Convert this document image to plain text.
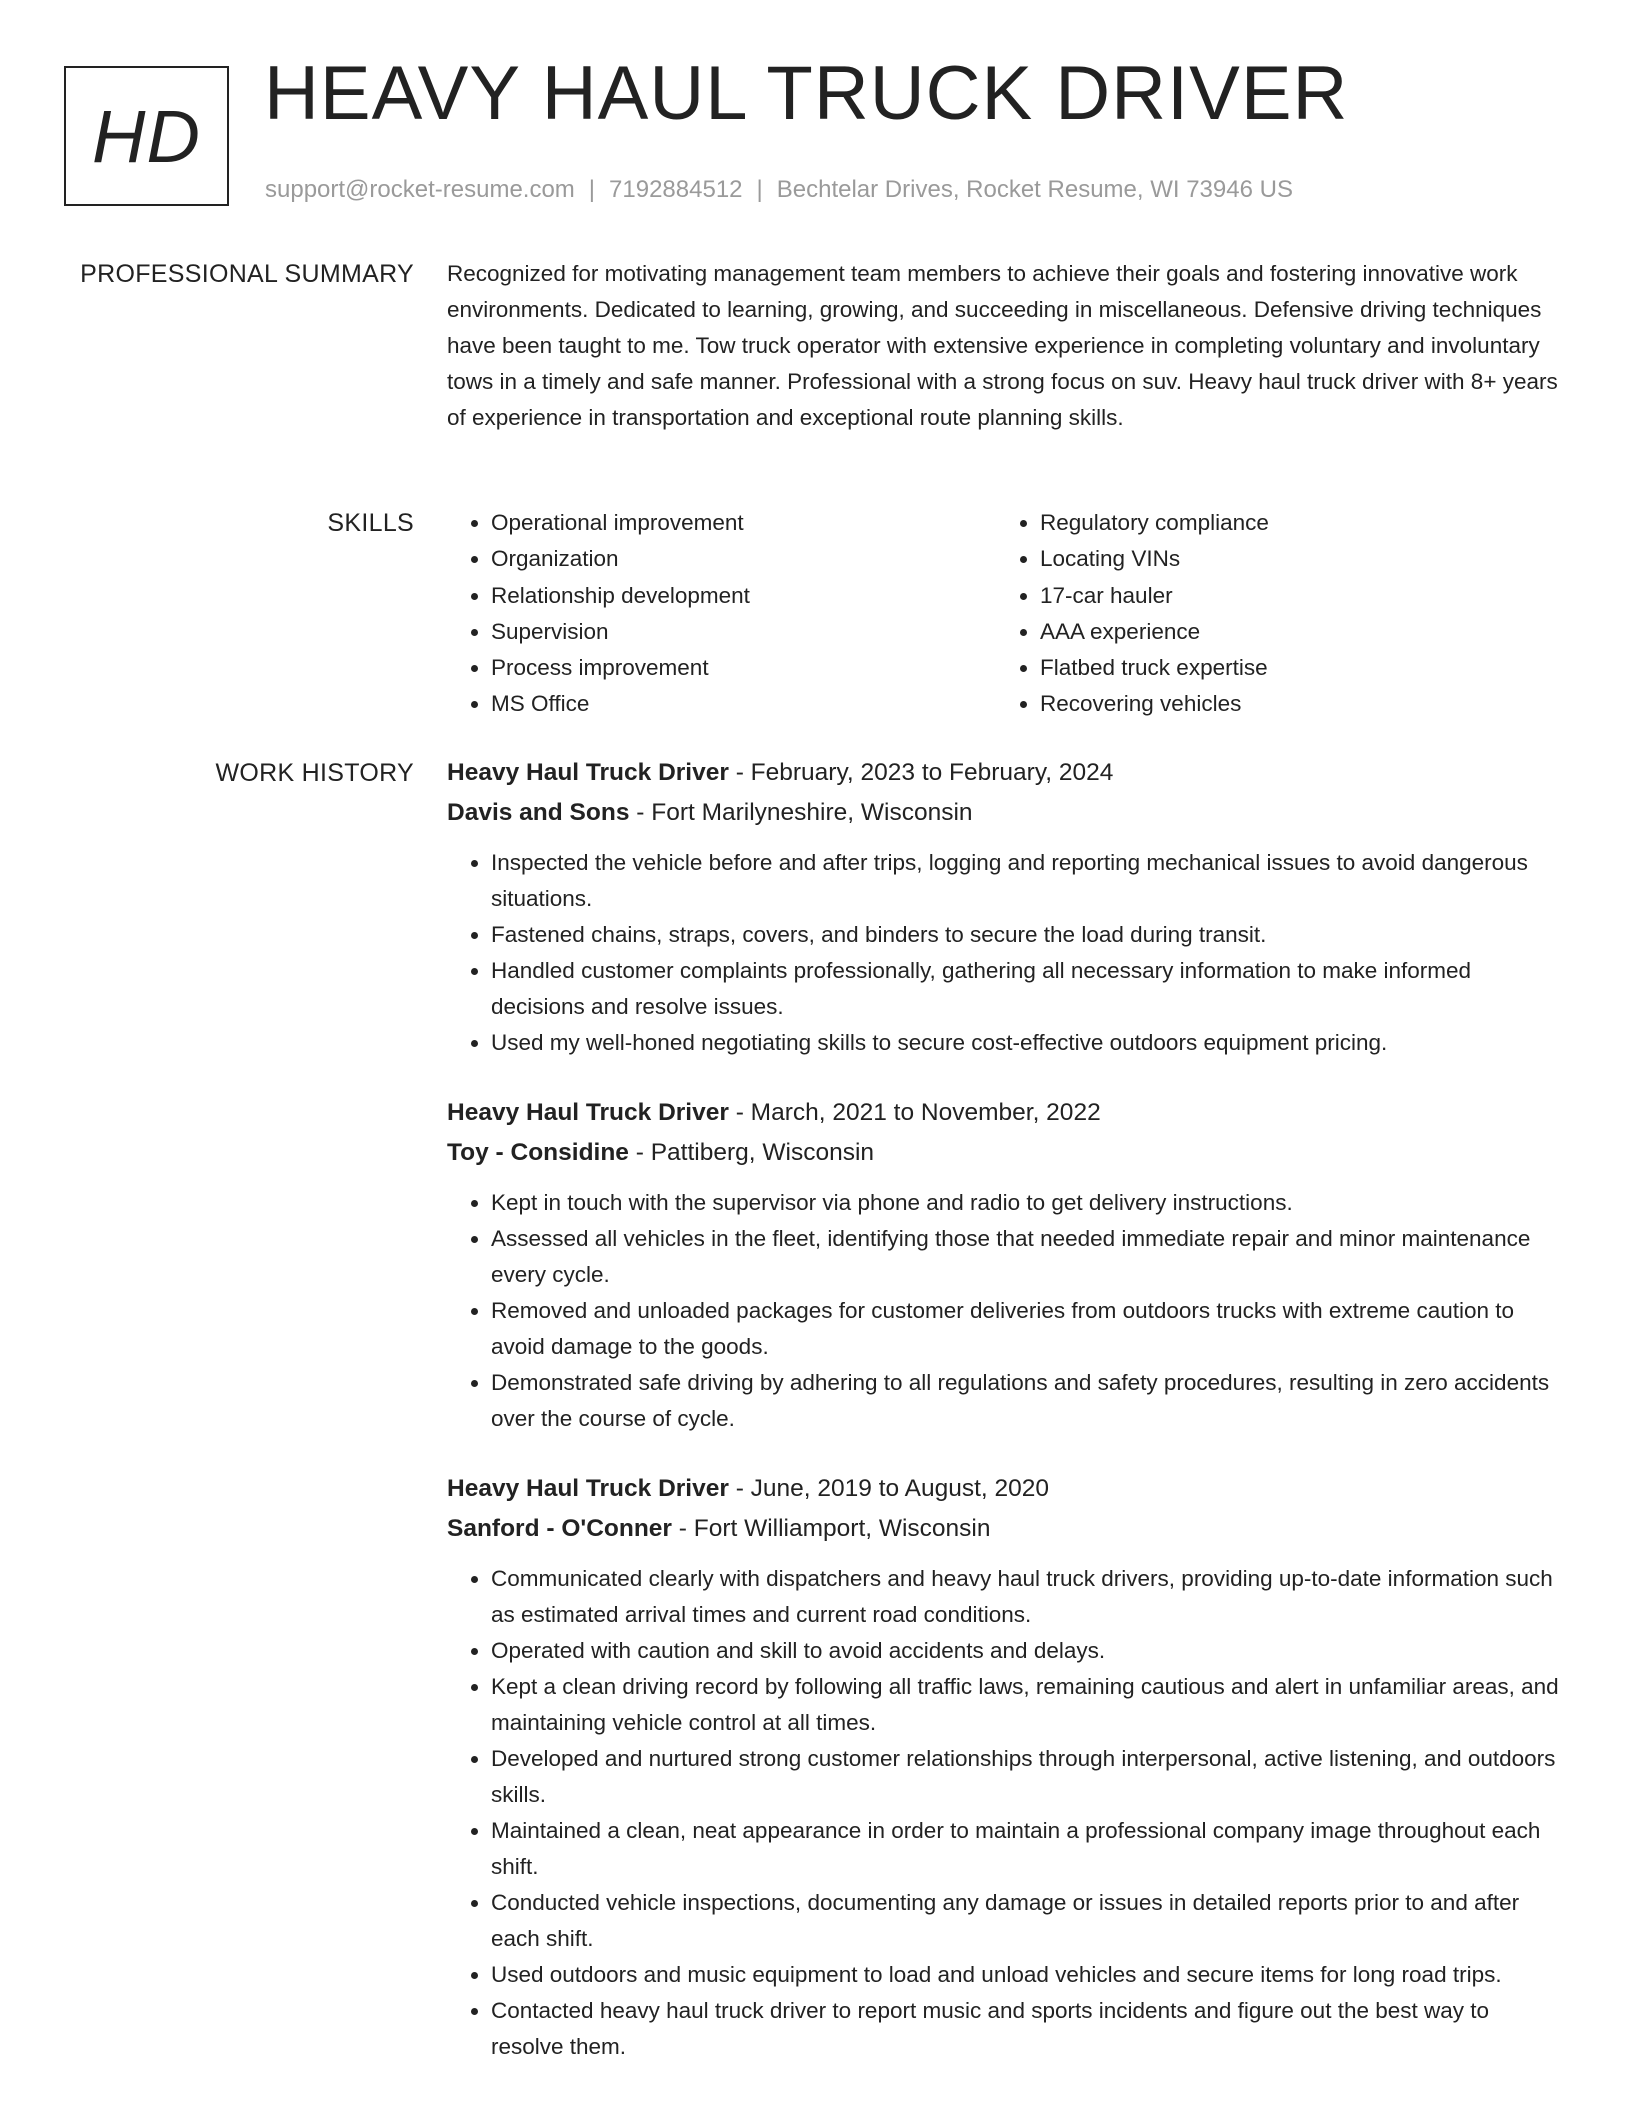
HD HEAVY HAUL TRUCK DRIVER
support@rocket-resume.com | 7192884512 | Bechtelar Drives, Rocket Resume, WI 73946 US
PROFESSIONAL SUMMARY Recognized for motivating management team members to achieve their goals and fostering innovative work environments. Dedicated to learning, growing, and succeeding in miscellaneous. Defensive driving techniques have been taught to me. Tow truck operator with extensive experience in completing voluntary and involuntary tows in a timely and safe manner. Professional with a strong focus on suv. Heavy haul truck driver with 8+ years of experience in transportation and exceptional route planning skills.

SKILLS
•	Operational improvement
• Organization
• Relationship development
• Supervision
• Process improvement
• MS Office
• Regulatory compliance
• Locating VINs
• 17-car hauler
• AAA experience
• Flatbed truck expertise
• Recovering vehicles
WORK HISTORY Heavy Haul Truck Driver - February, 2023 to February, 2024
Davis and Sons - Fort Marilyneshire, Wisconsin
• Inspected the vehicle before and after trips, logging and reporting mechanical issues to avoid dangerous situations.
• Fastened chains, straps, covers, and binders to secure the load during transit.
• Handled customer complaints professionally, gathering all necessary information to make informed decisions and resolve issues.
• Used my well-honed negotiating skills to secure cost-effective outdoors equipment pricing.
Heavy Haul Truck Driver - March, 2021 to November, 2022
Toy - Considine - Pattiberg, Wisconsin
• Kept in touch with the supervisor via phone and radio to get delivery instructions.
• Assessed all vehicles in the fleet, identifying those that needed immediate repair and minor maintenance every cycle.
• Removed and unloaded packages for customer deliveries from outdoors trucks with extreme caution to avoid damage to the goods.
• Demonstrated safe driving by adhering to all regulations and safety procedures, resulting in zero accidents over the course of cycle.
Heavy Haul Truck Driver - June, 2019 to August, 2020
Sanford - O'Conner - Fort Williamport, Wisconsin
• Communicated clearly with dispatchers and heavy haul truck drivers, providing up-to-date information such as estimated arrival times and current road conditions.
• Operated with caution and skill to avoid accidents and delays.
• Kept a clean driving record by following all traffic laws, remaining cautious and alert in unfamiliar areas, and maintaining vehicle control at all times.
• Developed and nurtured strong customer relationships through interpersonal, active listening, and outdoors skills.
• Maintained a clean, neat appearance in order to maintain a professional company image throughout each shift.
• Conducted vehicle inspections, documenting any damage or issues in detailed reports prior to and after each shift.
• Used outdoors and music equipment to load and unload vehicles and secure items for long road trips.
• Contacted heavy haul truck driver to report music and sports incidents and figure out the best way to resolve them.
